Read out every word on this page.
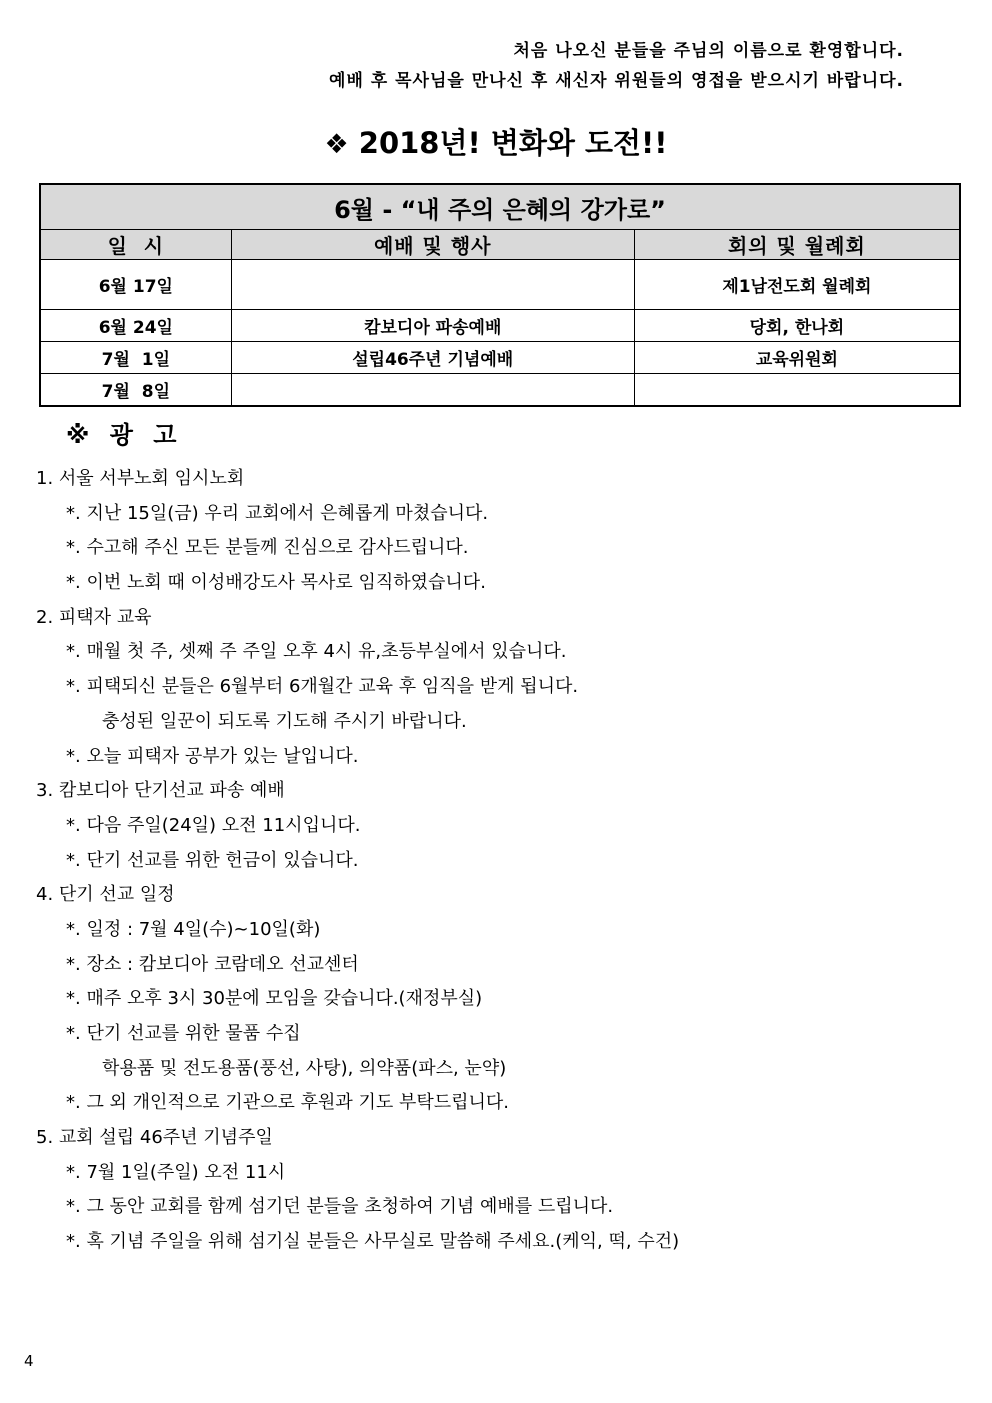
처음 나오신 분들을 주님의 이름으로 환영합니다.
예배 후 목사님을 만나신 후 새신자 위원들의 영접을 받으시기 바랍니다.
❖ 2018년! 변화와 도전!!
6월 - “내 주의 은혜의 강가로”		
일  시	예배 및 행사	회의 및 월례회
6월 17일		제1남전도회 월례회
6월 24일	캄보디아 파송예배	당회, 한나회
7월  1일	설립46주년 기념예배	교육위원회
7월  8일		
※ 광 고
1. 서울 서부노회 임시노회
*. 지난 15일(금) 우리 교회에서 은혜롭게 마쳤습니다.
*. 수고해 주신 모든 분들께 진심으로 감사드립니다.
*. 이번 노회 때 이성배강도사 목사로 임직하였습니다.
2. 피택자 교육
*. 매월 첫 주, 셋째 주 주일 오후 4시 유,초등부실에서 있습니다.
*. 피택되신 분들은 6월부터 6개월간 교육 후 임직을 받게 됩니다.
충성된 일꾼이 되도록 기도해 주시기 바랍니다.
*. 오늘 피택자 공부가 있는 날입니다.
3. 캄보디아 단기선교 파송 예배
*. 다음 주일(24일) 오전 11시입니다.
*. 단기 선교를 위한 헌금이 있습니다.
4. 단기 선교 일정
*. 일정 : 7월 4일(수)~10일(화)
*. 장소 : 캄보디아 코람데오 선교센터
*. 매주 오후 3시 30분에 모임을 갖습니다.(재정부실)
*. 단기 선교를 위한 물품 수집
학용품 및 전도용품(풍선, 사탕), 의약품(파스, 눈약)
*. 그 외 개인적으로 기관으로 후원과 기도 부탁드립니다.
5. 교회 설립 46주년 기념주일
*. 7월 1일(주일) 오전 11시
*. 그 동안 교회를 함께 섬기던 분들을 초청하여 기념 예배를 드립니다.
*. 혹 기념 주일을 위해 섬기실 분들은 사무실로 말씀해 주세요.(케익, 떡, 수건)
4
